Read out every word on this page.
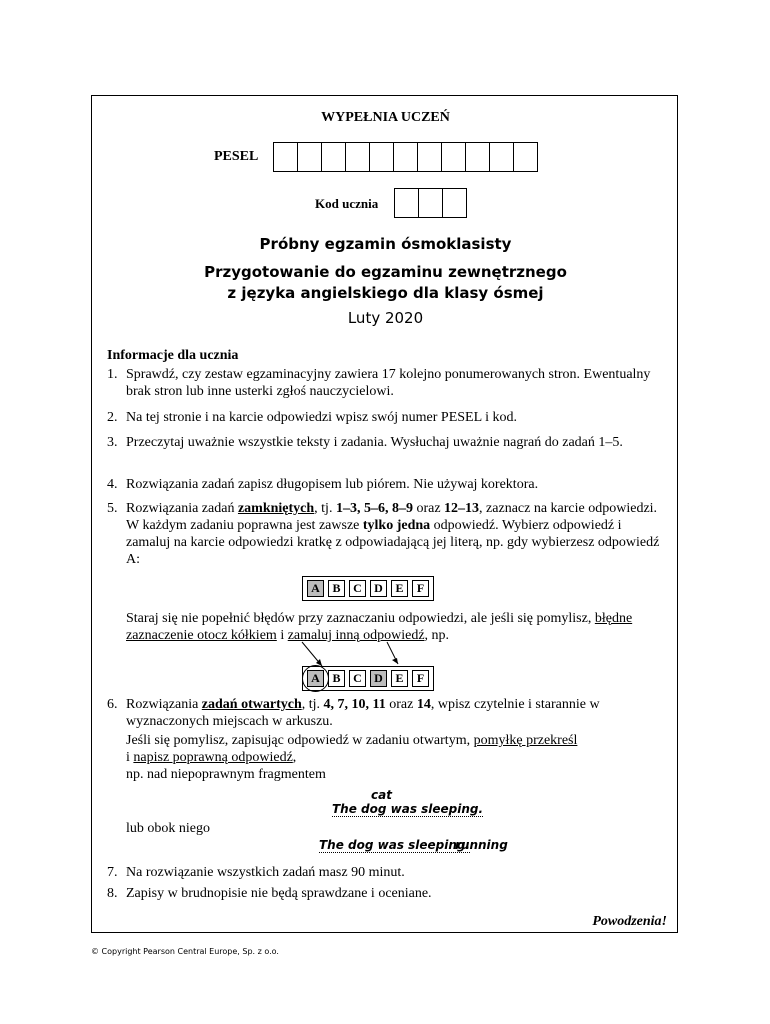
WYPEŁNIA UCZEŃ
PESEL
Kod ucznia
Próbny egzamin ósmoklasisty
Przygotowanie do egzaminu zewnętrznego
z języka angielskiego dla klasy ósmej
Luty 2020
Informacje dla ucznia
1. Sprawdź, czy zestaw egzaminacyjny zawiera 17 kolejno ponumerowanych stron. Ewentualny brak stron lub inne usterki zgłoś nauczycielowi.
2. Na tej stronie i na karcie odpowiedzi wpisz swój numer PESEL i kod.
3. Przeczytaj uważnie wszystkie teksty i zadania. Wysłuchaj uważnie nagrań do zadań 1–5.
4. Rozwiązania zadań zapisz długopisem lub piórem. Nie używaj korektora.
5. Rozwiązania zadań zamkniętych, tj. 1–3, 5–6, 8–9 oraz 12–13, zaznacz na karcie odpowiedzi. W każdym zadaniu poprawna jest zawsze tylko jedna odpowiedź. Wybierz odpowiedź i zamaluj na karcie odpowiedzi kratkę z odpowiadającą jej literą, np. gdy wybierzesz odpowiedź A:
A	B	C	D	E	F
Staraj się nie popełnić błędów przy zaznaczaniu odpowiedzi, ale jeśli się pomylisz, błędne zaznaczenie otocz kółkiem i zamaluj inną odpowiedź, np.
A	B	C	D	E	F
6. Rozwiązania zadań otwartych, tj. 4, 7, 10, 11 oraz 14, wpisz czytelnie i starannie w wyznaczonych miejscach w arkuszu.
Jeśli się pomylisz, zapisując odpowiedź w zadaniu otwartym, pomyłkę przekreśl
i napisz poprawną odpowiedź,
np. nad niepoprawnym fragmentem
cat
The dog was sleeping.
lub obok niego
The dog was sleeping.
running
7. Na rozwiązanie wszystkich zadań masz 90 minut.
8. Zapisy w brudnopisie nie będą sprawdzane i oceniane.
Powodzenia!
© Copyright Pearson Central Europe, Sp. z o.o.
